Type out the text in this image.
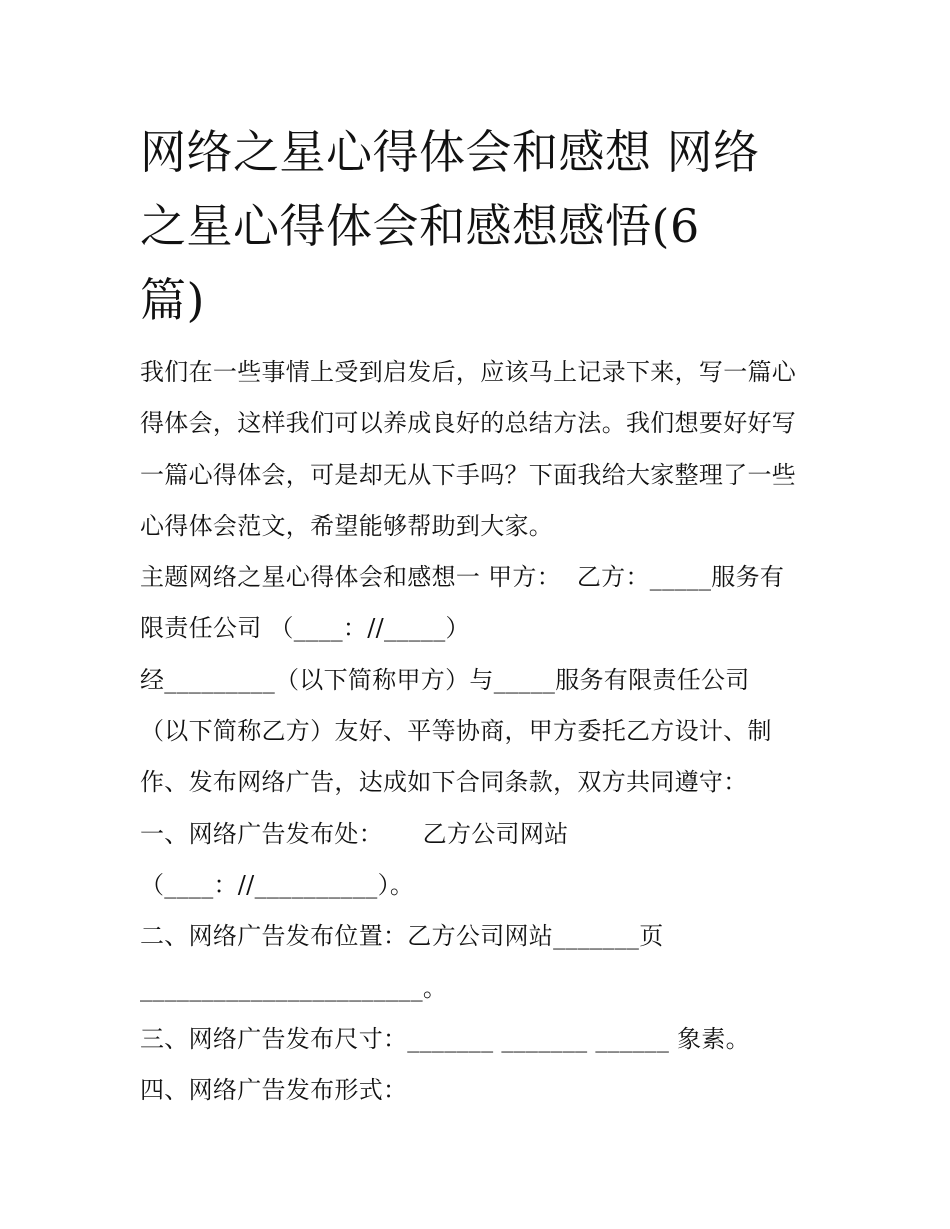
网络之星心得体会和感想 网络
之星心得体会和感想感悟(6
篇)
我们在一些事情上受到启发后，应该马上记录下来，写一篇心
得体会，这样我们可以养成良好的总结方法。我们想要好好写
一篇心得体会，可是却无从下手吗？下面我给大家整理了一些
心得体会范文，希望能够帮助到大家。
主题网络之星心得体会和感想一 甲方：  乙方：_____服务有
限责任公司 （____：//_____）
经_________（以下简称甲方）与_____服务有限责任公司
（以下简称乙方）友好、平等协商，甲方委托乙方设计、制
作、发布网络广告，达成如下合同条款，双方共同遵守：
一、网络广告发布处：     乙方公司网站
（____：//__________）。
二、网络广告发布位置：乙方公司网站_______页
_______________________。
三、网络广告发布尺寸：_______ _______ ______ 象素。
四、网络广告发布形式：
